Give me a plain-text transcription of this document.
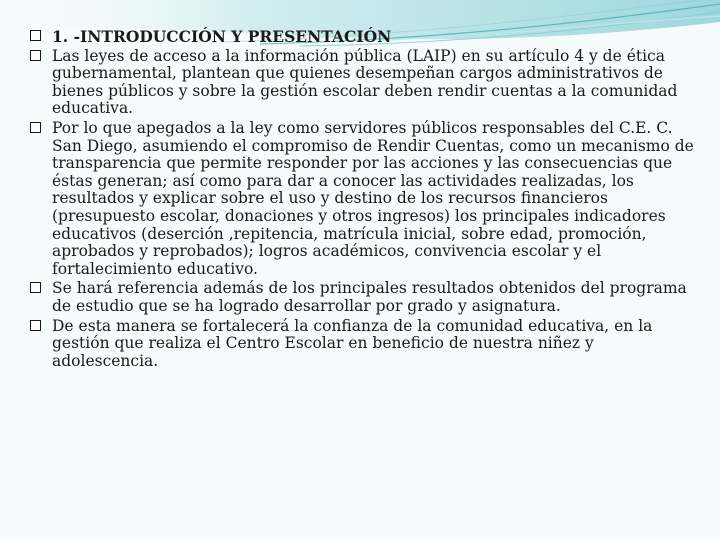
1. -INTRODUCCIÓN Y PRESENTACIÓN
Las leyes de acceso a la información pública (LAIP) en su artículo 4 y de ética gubernamental, plantean que quienes desempeñan cargos administrativos de bienes públicos y sobre la gestión escolar deben rendir cuentas a la comunidad educativa.
Por lo que apegados a la ley como servidores públicos responsables del C.E. C. San Diego, asumiendo el compromiso de Rendir Cuentas, como un mecanismo de transparencia que permite responder por las acciones y las consecuencias que éstas generan; así como para dar a conocer las actividades realizadas, los resultados y explicar sobre el uso y destino de los recursos financieros (presupuesto escolar, donaciones y otros ingresos) los principales indicadores educativos (deserción ,repitencia, matrícula inicial, sobre edad, promoción, aprobados y reprobados); logros académicos, convivencia escolar y el fortalecimiento educativo.
Se hará referencia además de los principales resultados obtenidos del programa de estudio que se ha logrado desarrollar por grado y asignatura.
De esta manera se fortalecerá la confianza de la comunidad educativa, en la gestión que realiza el Centro Escolar en beneficio de nuestra niñez y adolescencia.
